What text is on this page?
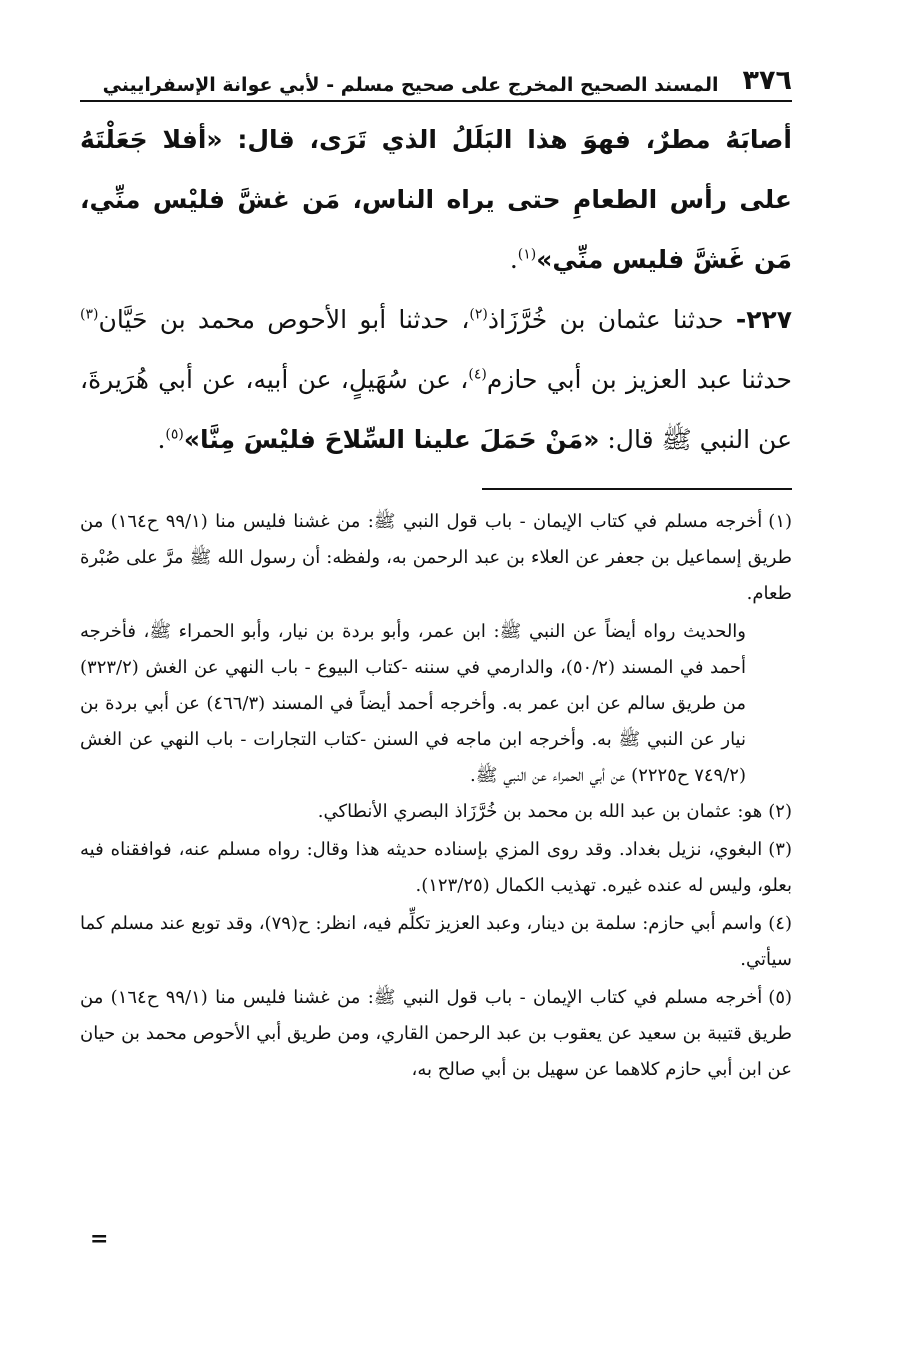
٣٧٦
المسند الصحيح المخرج على صحيح مسلم - لأبي عوانة الإسفراييني

أصابَهُ مطرٌ، فهوَ هذا البَلَلُ الذي تَرَى، قال: «أفلا جَعَلْتَهُ على رأس الطعامِ حتى يراه الناس، مَن غشَّ فليْس منِّي، مَن غَشَّ فليس منِّي»$^{(١)}$.

٢٢٧- حدثنا عثمان بن خُرَّزَاذ$^{(٢)}$، حدثنا أبو الأحوص محمد بن حَيَّان$^{(٣)}$ حدثنا عبد العزيز بن أبي حازم$^{(٤)}$، عن سُهَيلٍ، عن أبيه، عن أبي هُرَيرةَ، عن النبي ﷺ قال: «مَنْ حَمَلَ علينا السِّلاحَ فليْسَ مِنَّا»$^{(٥)}$.

(١)أخرجه مسلم في كتاب الإيمان - باب قول النبي ﷺ: من غشنا فليس منا (٩٩/١ ح١٦٤) من طريق إسماعيل بن جعفر عن العلاء بن عبد الرحمن به، ولفظه: أن رسول الله ﷺ مرَّ على صُبْرة طعام.

والحديث رواه أيضاً عن النبي ﷺ: ابن عمر، وأبو بردة بن نيار، وأبو الحمراء ﷺ، فأخرجه أحمد في المسند (٥٠/٢)، والدارمي في سننه -كتاب البيوع - باب النهي عن الغش (٣٢٣/٢) من طريق سالم عن ابن عمر به. وأخرجه أحمد أيضاً في المسند (٤٦٦/٣) عن أبي بردة بن نيار عن النبي ﷺ به. وأخرجه ابن ماجه في السنن -كتاب التجارات - باب النهي عن الغش (٧٤٩/٢ ح٢٢٢٥) عن أبي الحمراء عن النبي ﷺ.

(٢)هو: عثمان بن عبد الله بن محمد بن خُرَّزَاذ البصري الأنطاكي.

(٣)البغوي، نزيل بغداد. وقد روى المزي بإسناده حديثه هذا وقال: رواه مسلم عنه، فوافقناه فيه بعلو، وليس له عنده غيره. تهذيب الكمال (١٢٣/٢٥).

(٤)واسم أبي حازم: سلمة بن دينار، وعبد العزيز تكلِّم فيه، انظر: ح(٧٩)، وقد توبع عند مسلم كما سيأتي.

(٥)أخرجه مسلم في كتاب الإيمان - باب قول النبي ﷺ: من غشنا فليس منا (٩٩/١ ح١٦٤) من طريق قتيبة بن سعيد عن يعقوب بن عبد الرحمن القاري، ومن طريق أبي الأحوص محمد بن حيان عن ابن أبي حازم كلاهما عن سهيل بن أبي صالح به،

=
